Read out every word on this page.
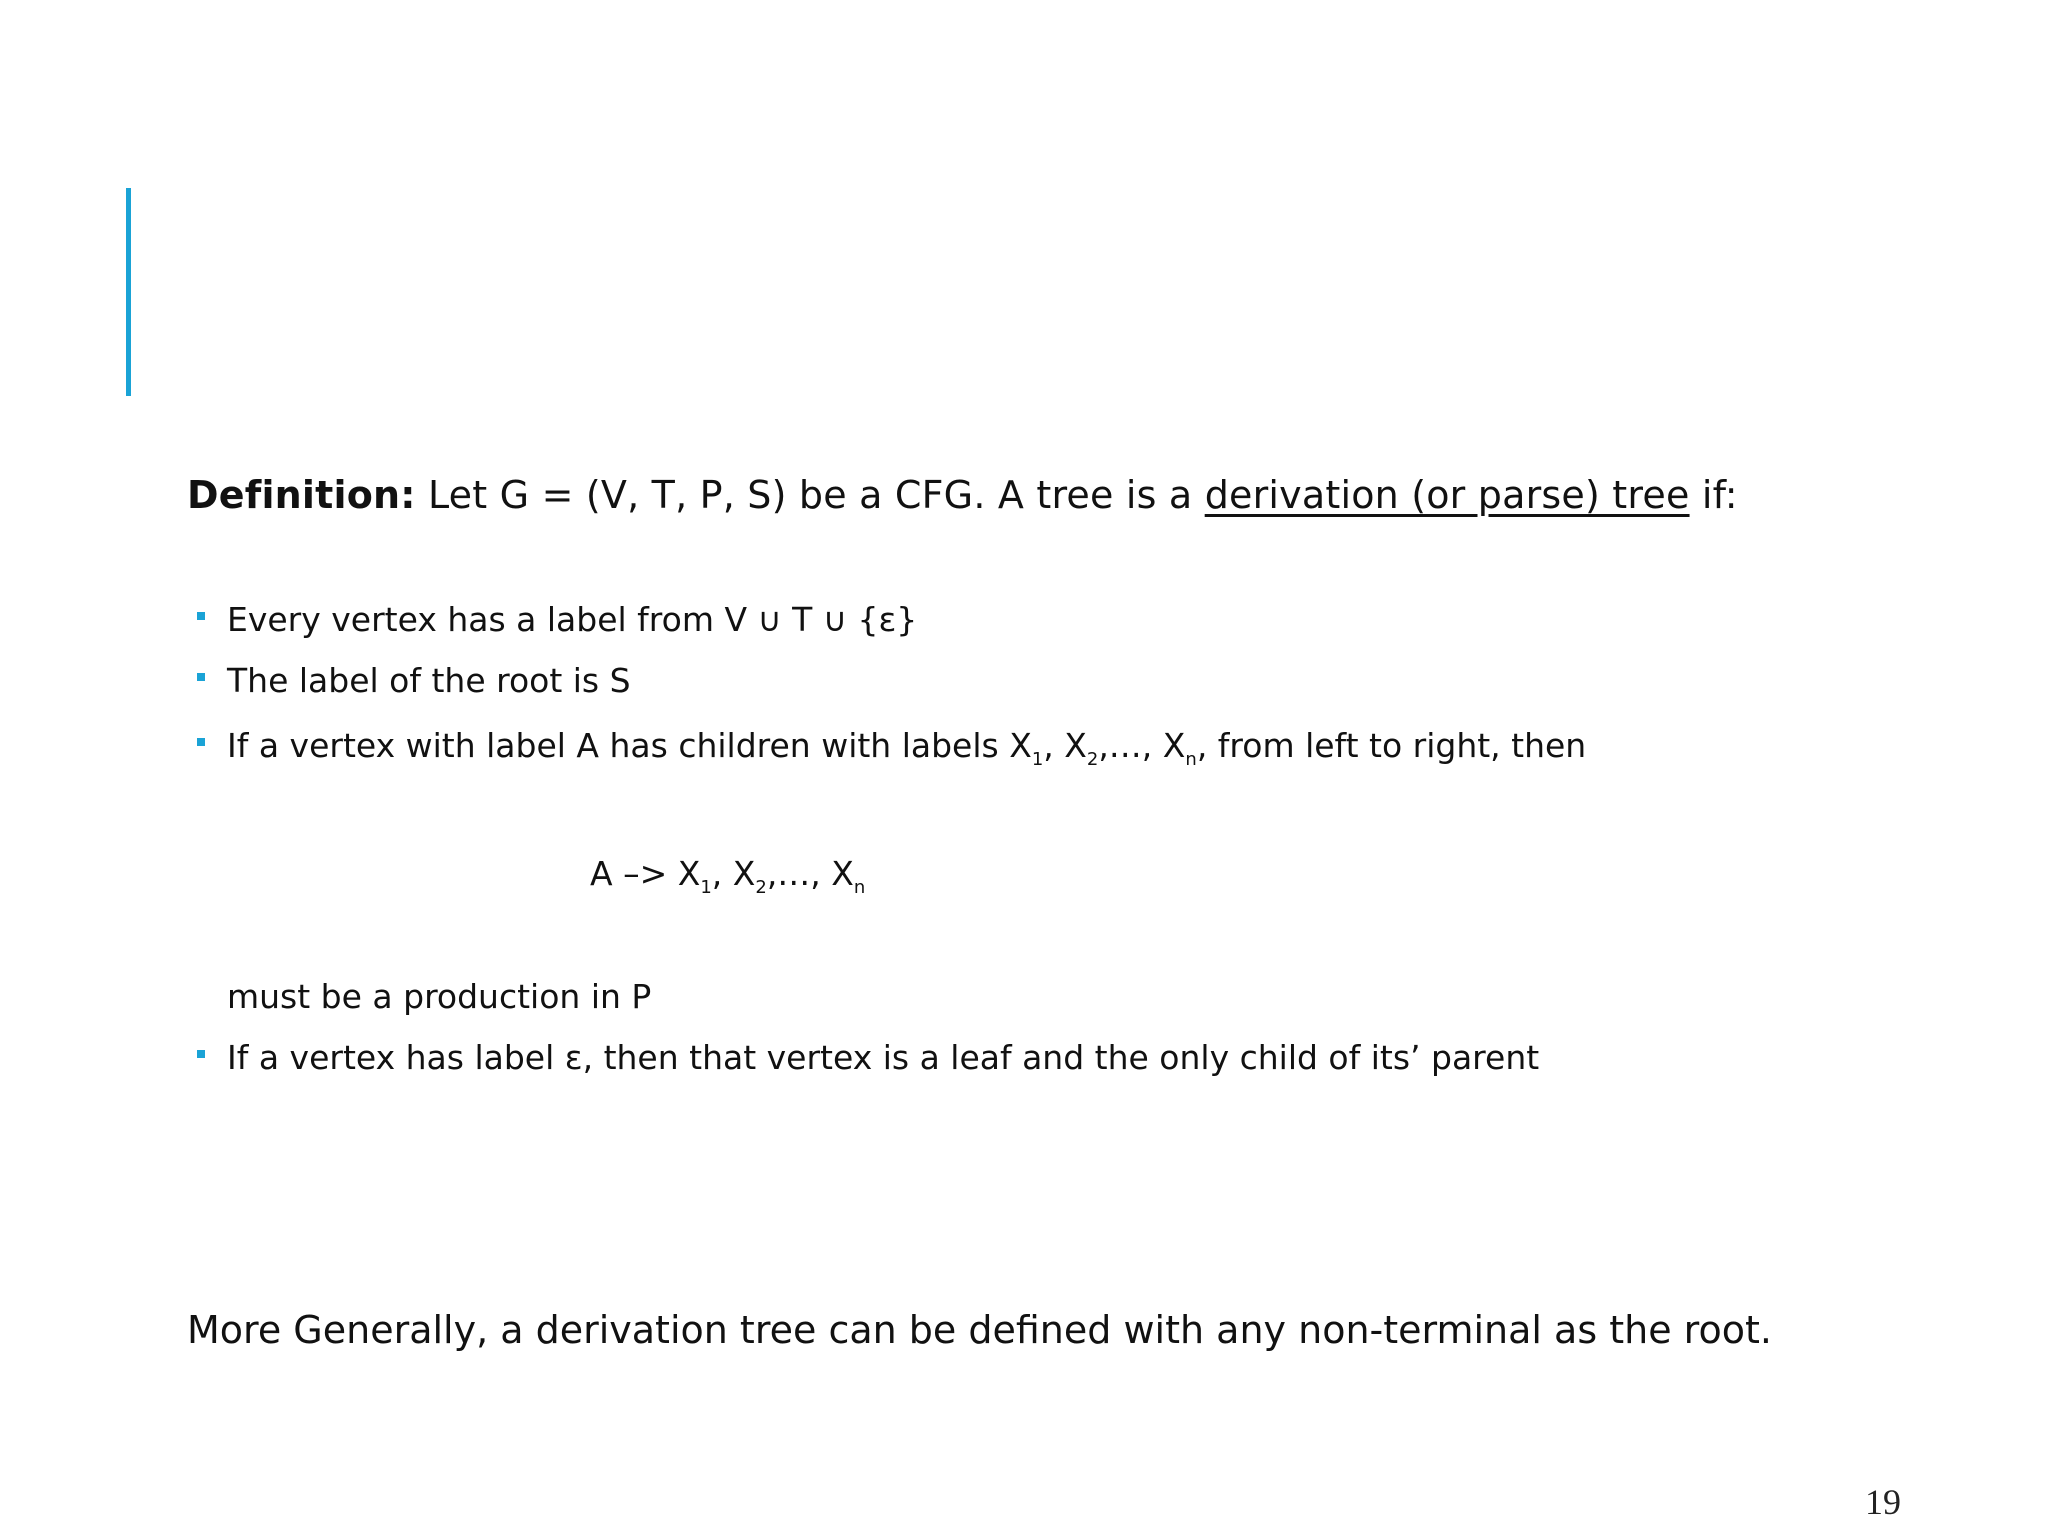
Definition: Let G = (V, T, P, S) be a CFG. A tree is a derivation (or parse) tree if:
Every vertex has a label from V ∪ T ∪ {ε}
The label of the root is S
If a vertex with label A has children with labels $X_1$, $X_2,\dots$, $X_n$, from left to right, then
$A -> X_1$, $X_2,\dots$, $X_n$
must be a production in P
If a vertex has label ε, then that vertex is a leaf and the only child of its’ parent
More Generally, a derivation tree can be defined with any non-terminal as the root.
19
